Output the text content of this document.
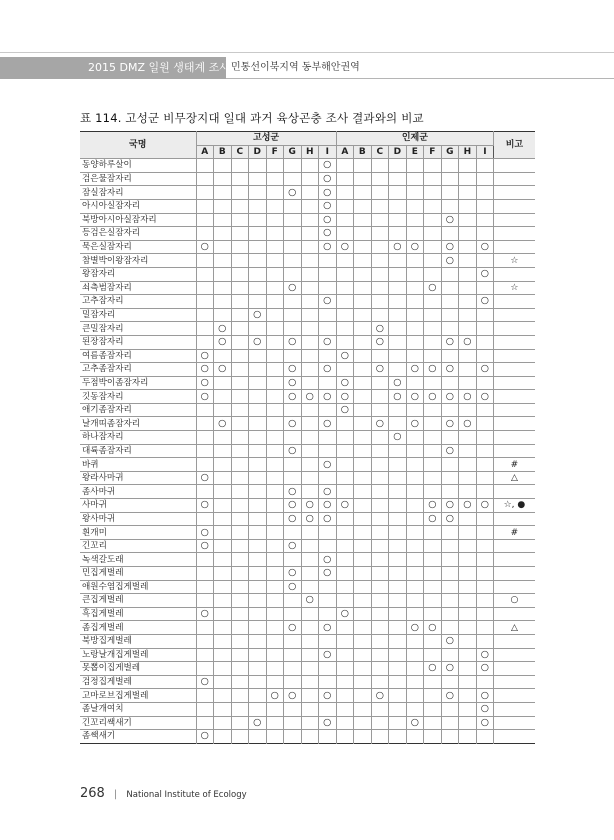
2015 DMZ 일원 생태계 조사 민통선이북지역 동부해안권역
표 114. 고성군 비무장지대 일대 과거 육상곤충 조사 결과와의 비교
국명	고성군								인제군									비고
	A	B	C	D	F	G	H	I	A	B	C	D	E	F	G	H	I	
동양하루살이								○										
검은물잠자리								○										
잠실잠자리						○		○										
아시아실잠자리								○										
북방아시아실잠자리								○							○			
등검은실잠자리								○										
묵은실잠자리	○							○	○			○	○		○		○	
참별박이왕잠자리															○			☆
왕잠자리																	○	
쇠측범잠자리						○								○				☆
고추잠자리								○									○	
밀잠자리				○														
큰밀잠자리		○									○							
된장잠자리		○		○		○		○			○				○	○		
여름좀잠자리	○								○									
고추좀잠자리	○	○				○		○			○		○	○	○		○	
두점박이좀잠자리	○					○			○			○						
깃동잠자리	○					○	○	○	○			○	○	○	○	○	○	
애기좀잠자리									○									
날개띠좀잠자리		○				○		○			○		○		○	○		
하나잠자리												○						
대륙좀잠자리						○									○			
바퀴								○										#
왕라사마귀	○																	△
좀사마귀						○		○										
사마귀	○					○	○	○	○					○	○	○	○	☆, ●
왕사마귀						○	○	○						○	○			
흰개미	○																	#
긴꼬리	○					○												
녹색갈도래								○										
민집게벌레						○		○										
애원수염집게벌레						○												
큰집게벌레							○											○
흑집게벌레	○								○									
좀집게벌레						○		○					○	○				△
북방집게벌레															○			
노랑날개집게벌레								○									○	
못뽑이집게벌레														○	○		○	
검정집게벌레	○																	
고마로브집게벌레					○	○		○			○				○		○	
좀날개여치																	○	
긴꼬리쌕새기				○				○					○				○	
좀쌕새기	○																	
268 | National Institute of Ecology
